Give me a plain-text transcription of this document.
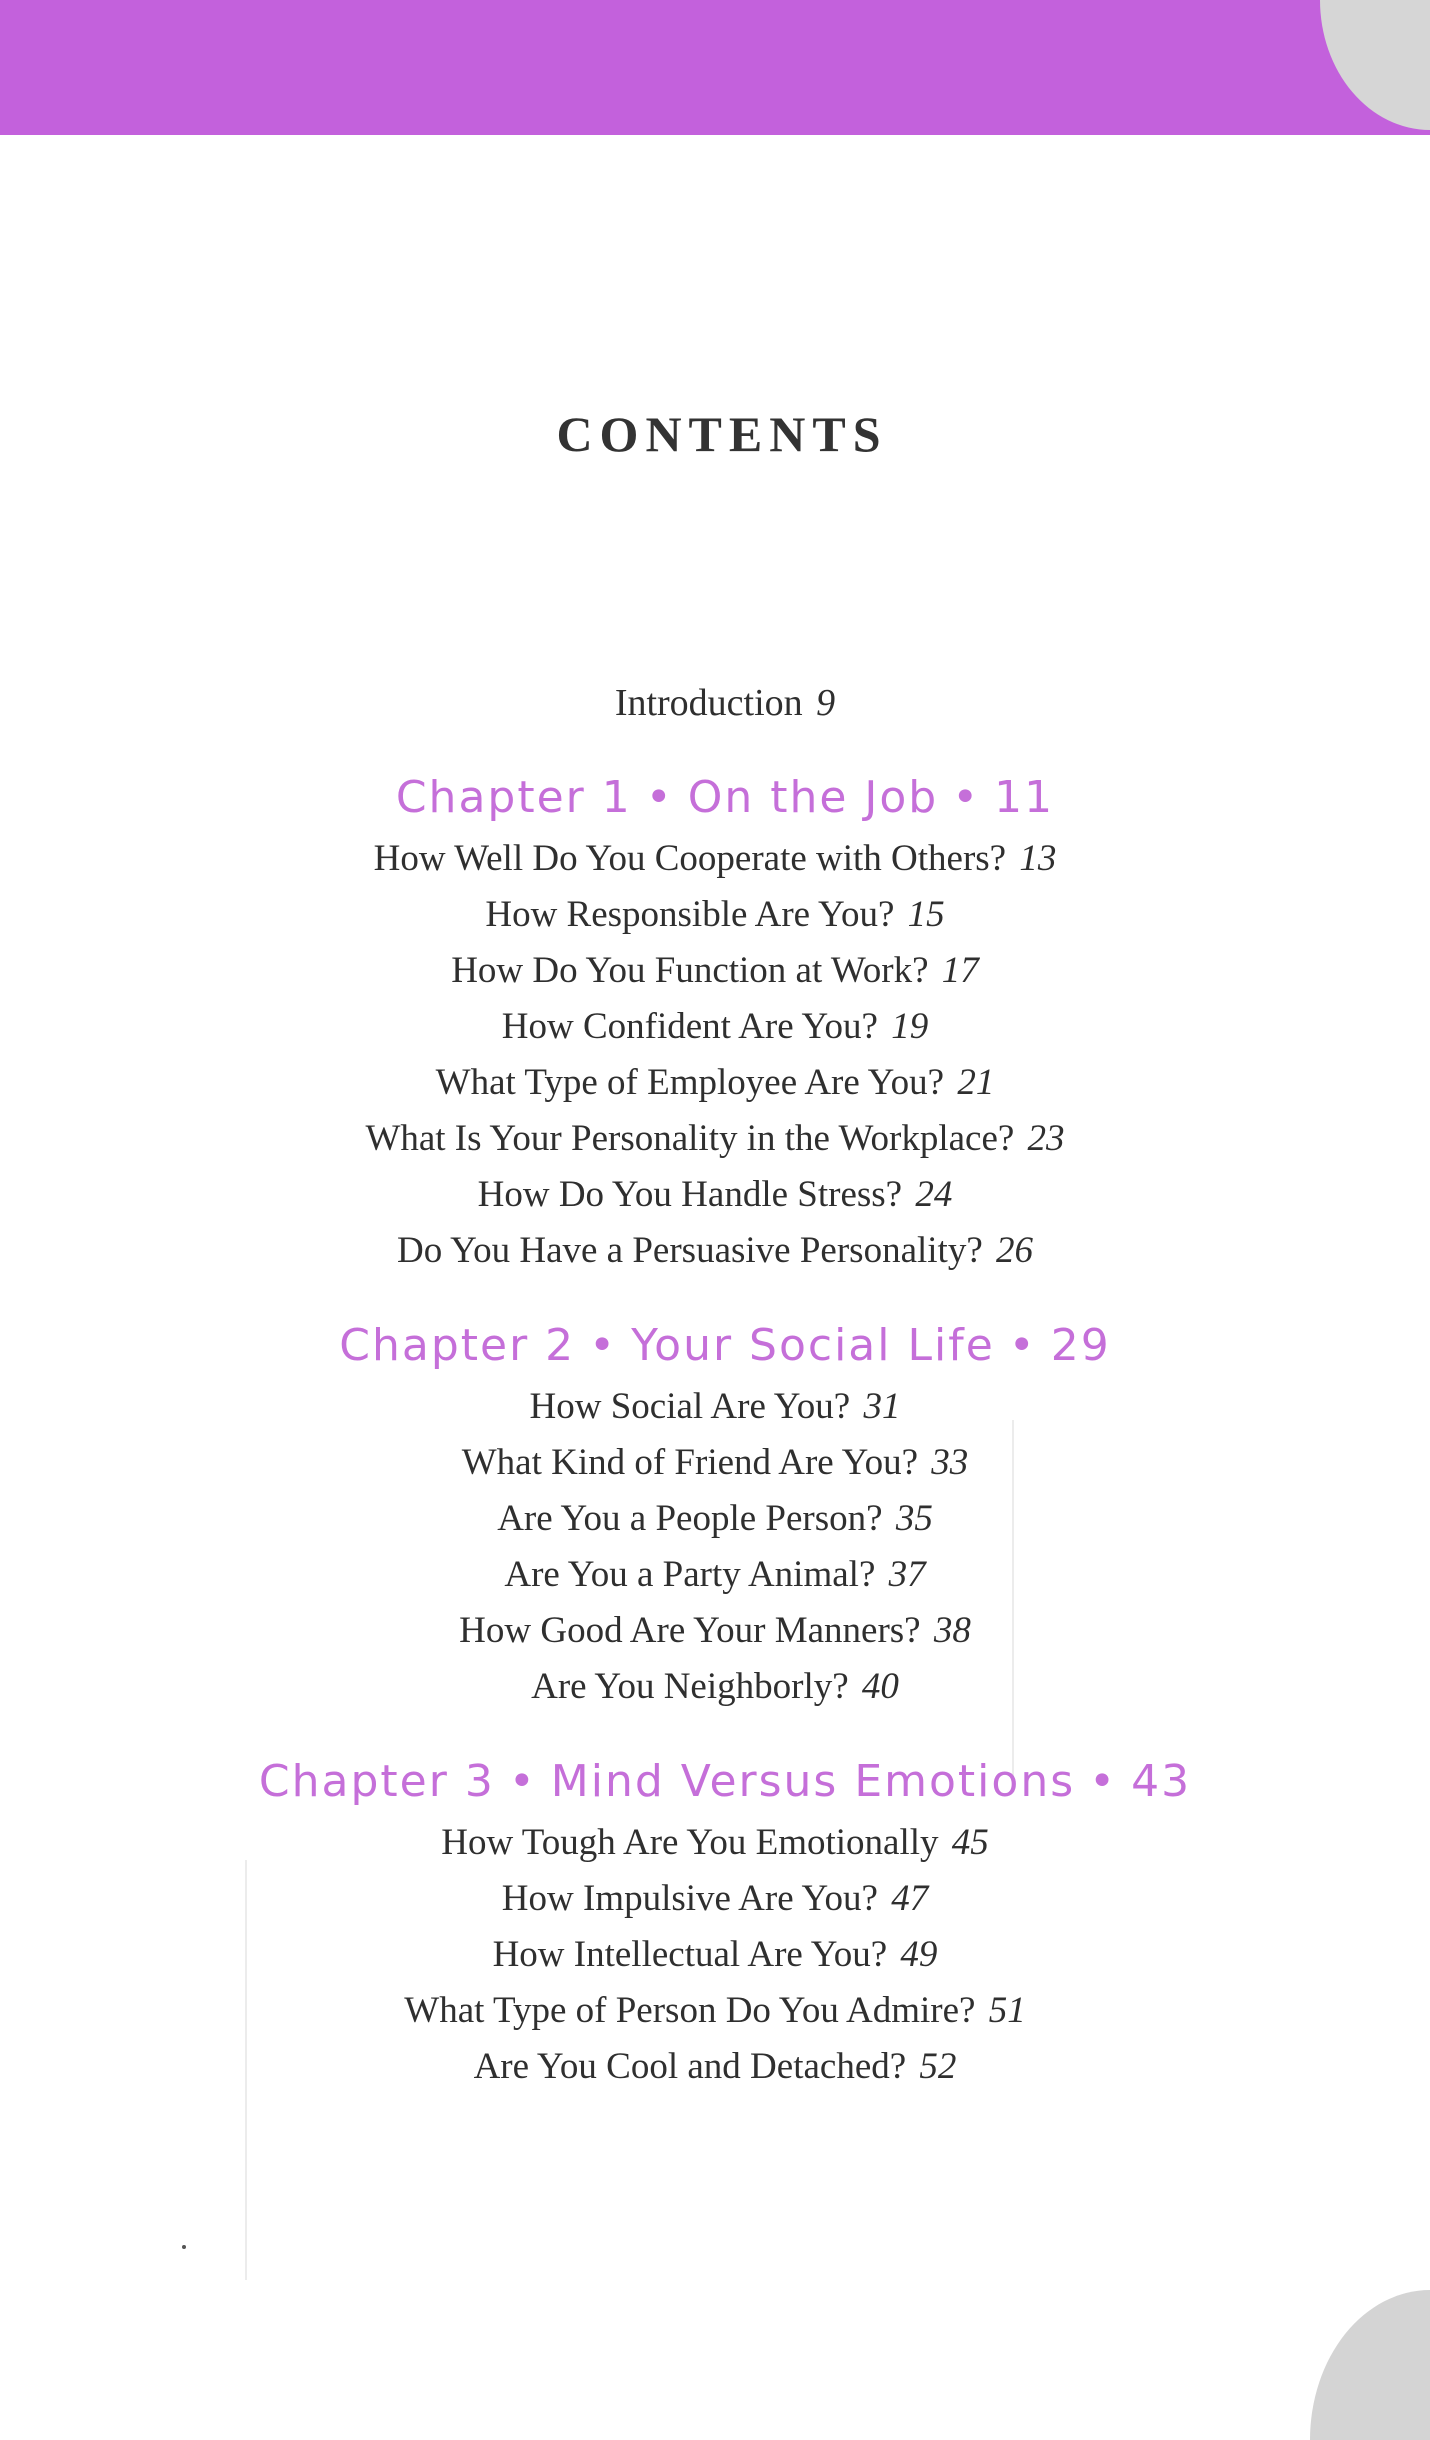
CONTENTS
Introduction 9
Chapter 1 • On the Job • 11
How Well Do You Cooperate with Others? 13
How Responsible Are You? 15
How Do You Function at Work? 17
How Confident Are You? 19
What Type of Employee Are You? 21
What Is Your Personality in the Workplace? 23
How Do You Handle Stress? 24
Do You Have a Persuasive Personality? 26
Chapter 2 • Your Social Life • 29
How Social Are You? 31
What Kind of Friend Are You? 33
Are You a People Person? 35
Are You a Party Animal? 37
How Good Are Your Manners? 38
Are You Neighborly? 40
Chapter 3 • Mind Versus Emotions • 43
How Tough Are You Emotionally 45
How Impulsive Are You? 47
How Intellectual Are You? 49
What Type of Person Do You Admire? 51
Are You Cool and Detached? 52
